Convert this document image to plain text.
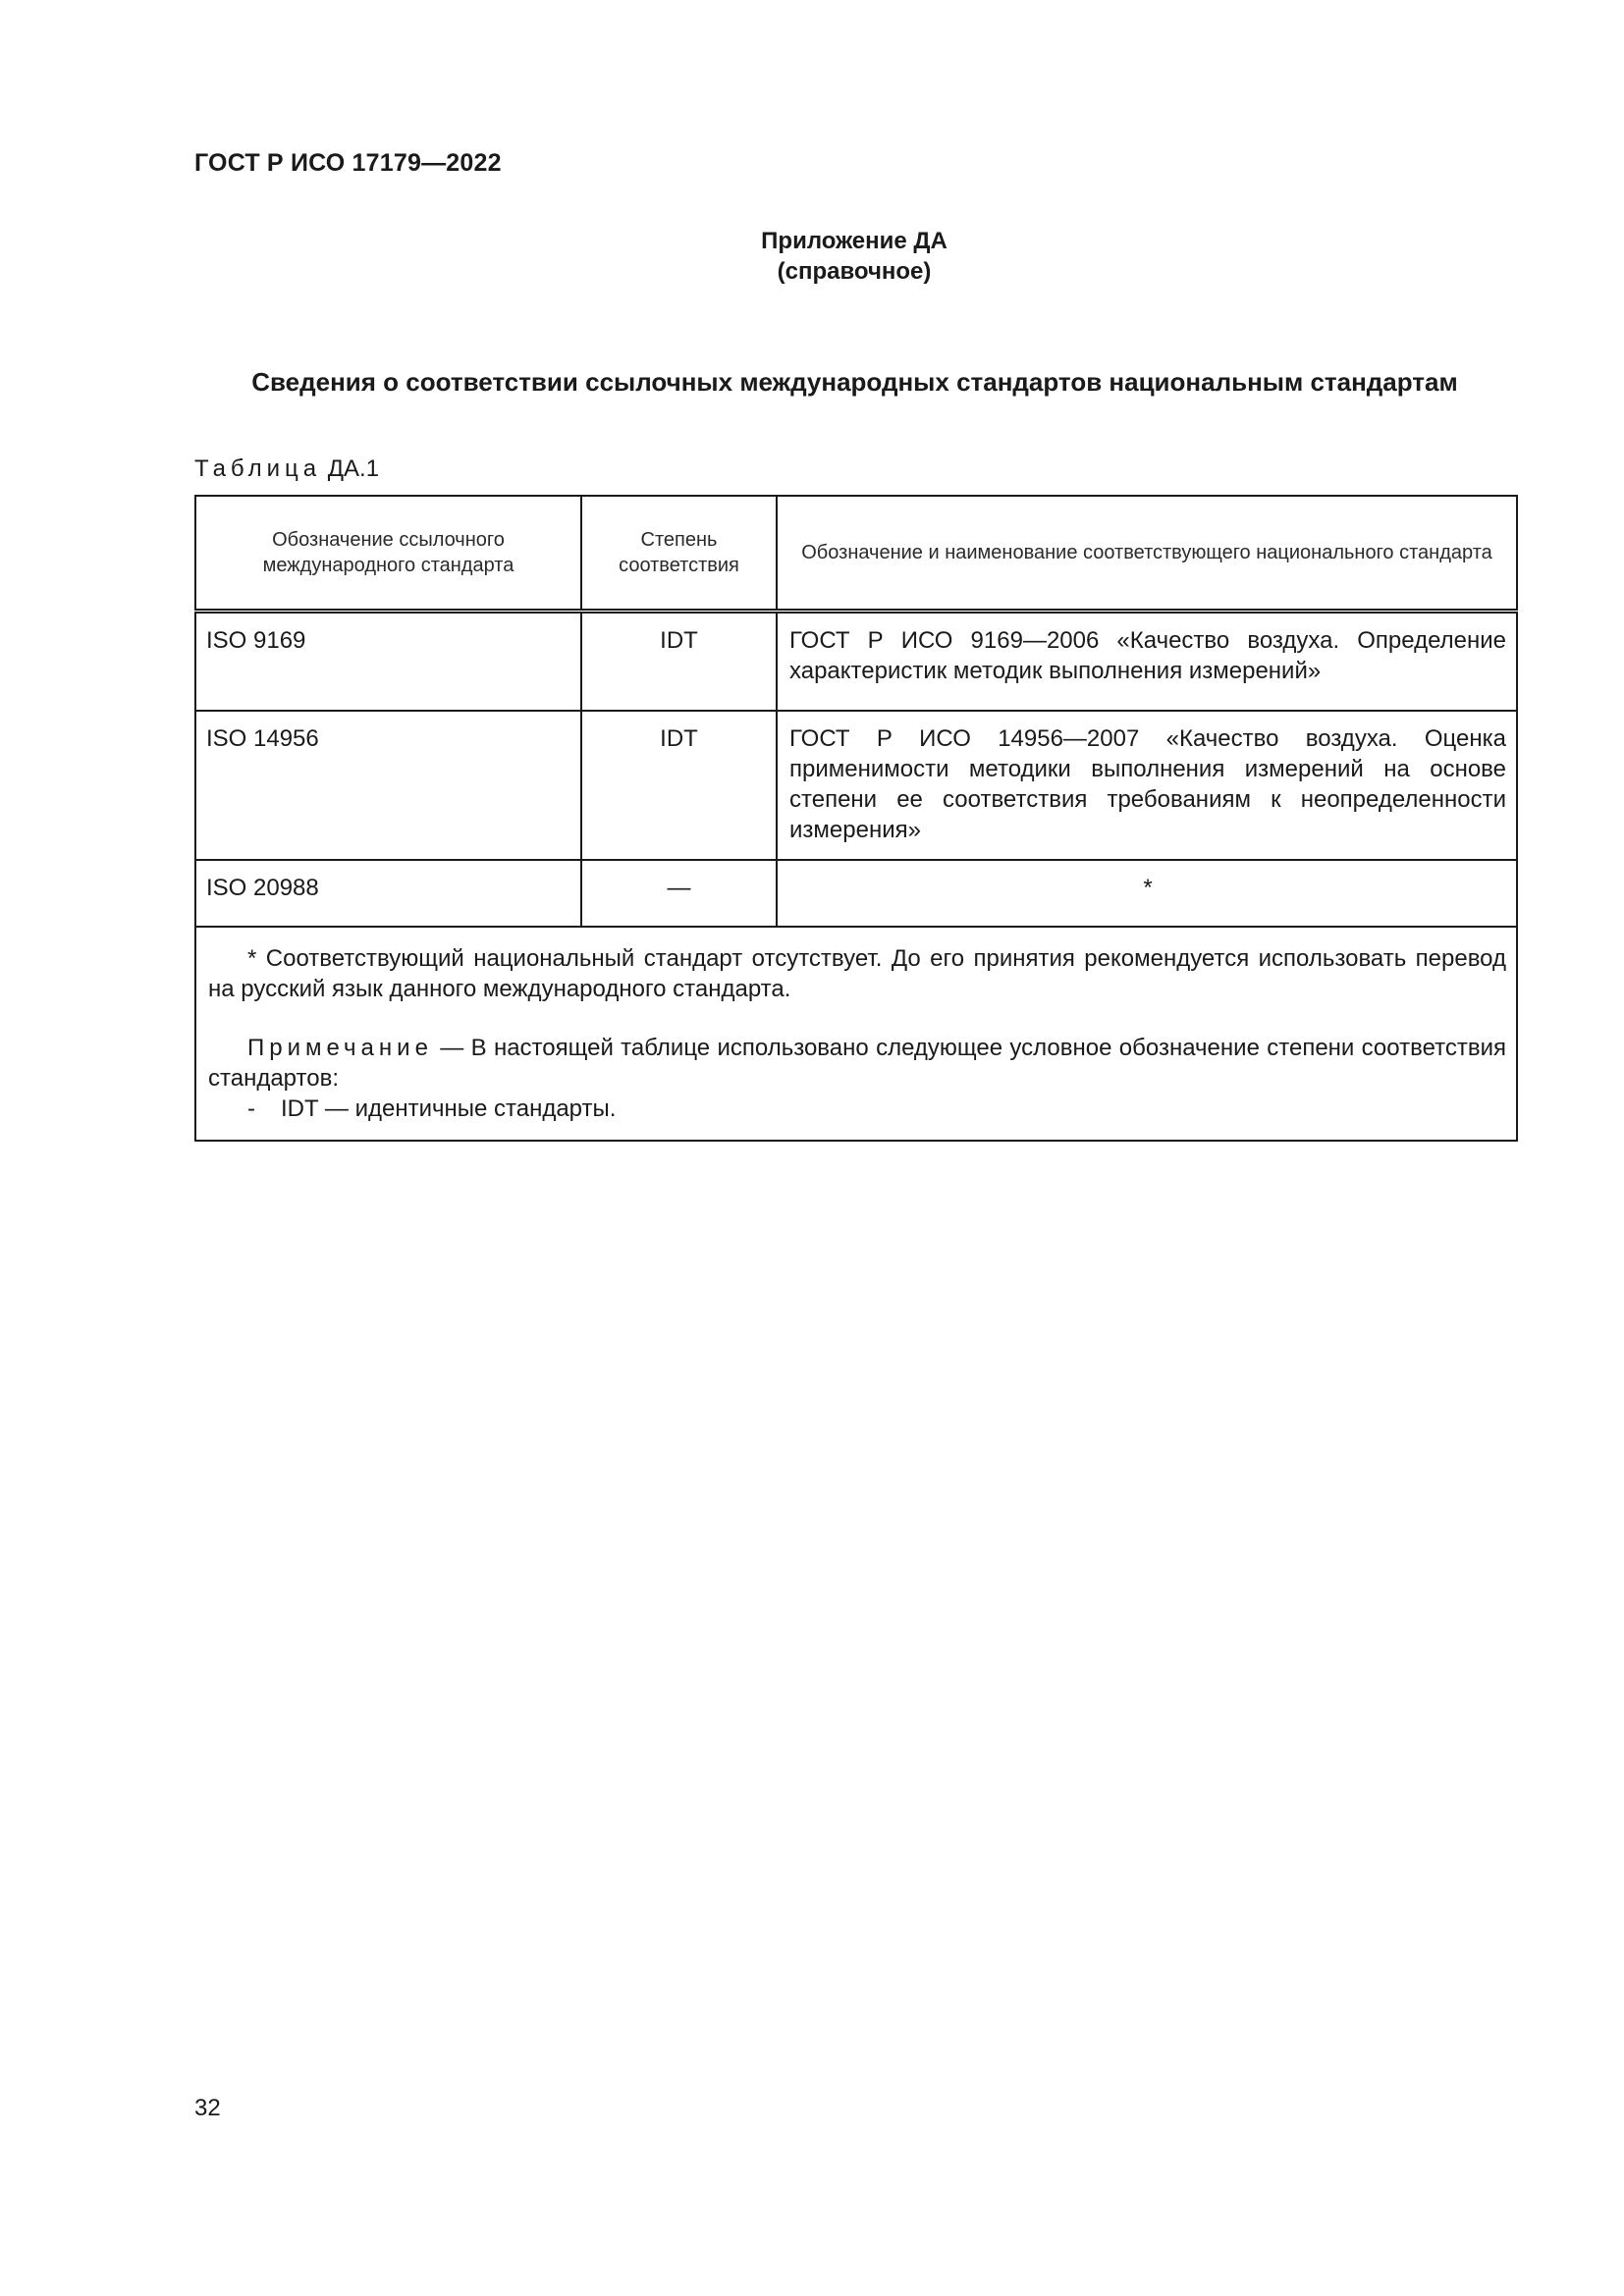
ГОСТ Р ИСО 17179—2022
Приложение ДА
(справочное)
Сведения о соответствии ссылочных международных стандартов национальным стандартам
Таблица ДА.1
Обозначение ссылочного международного стандарта	Степень соответствия	Обозначение и наименование соответствующего национального стандарта
ISO 9169	IDT	ГОСТ Р ИСО 9169—2006 «Качество воздуха. Определение характеристик методик выполнения измерений»
ISO 14956	IDT	ГОСТ Р ИСО 14956—2007 «Качество воздуха. Оценка применимости методики выполнения измерений на основе степени ее соответствия требованиям к неопределенности измерения»
ISO 20988	—	*

* Соответствующий национальный стандарт отсутствует. До его принятия рекомендуется использовать перевод на русский язык данного международного стандарта.

Примечание — В настоящей таблице использовано следующее условное обозначение степени соответствия стандартов:

- IDT — идентичные стандарты.		

32
